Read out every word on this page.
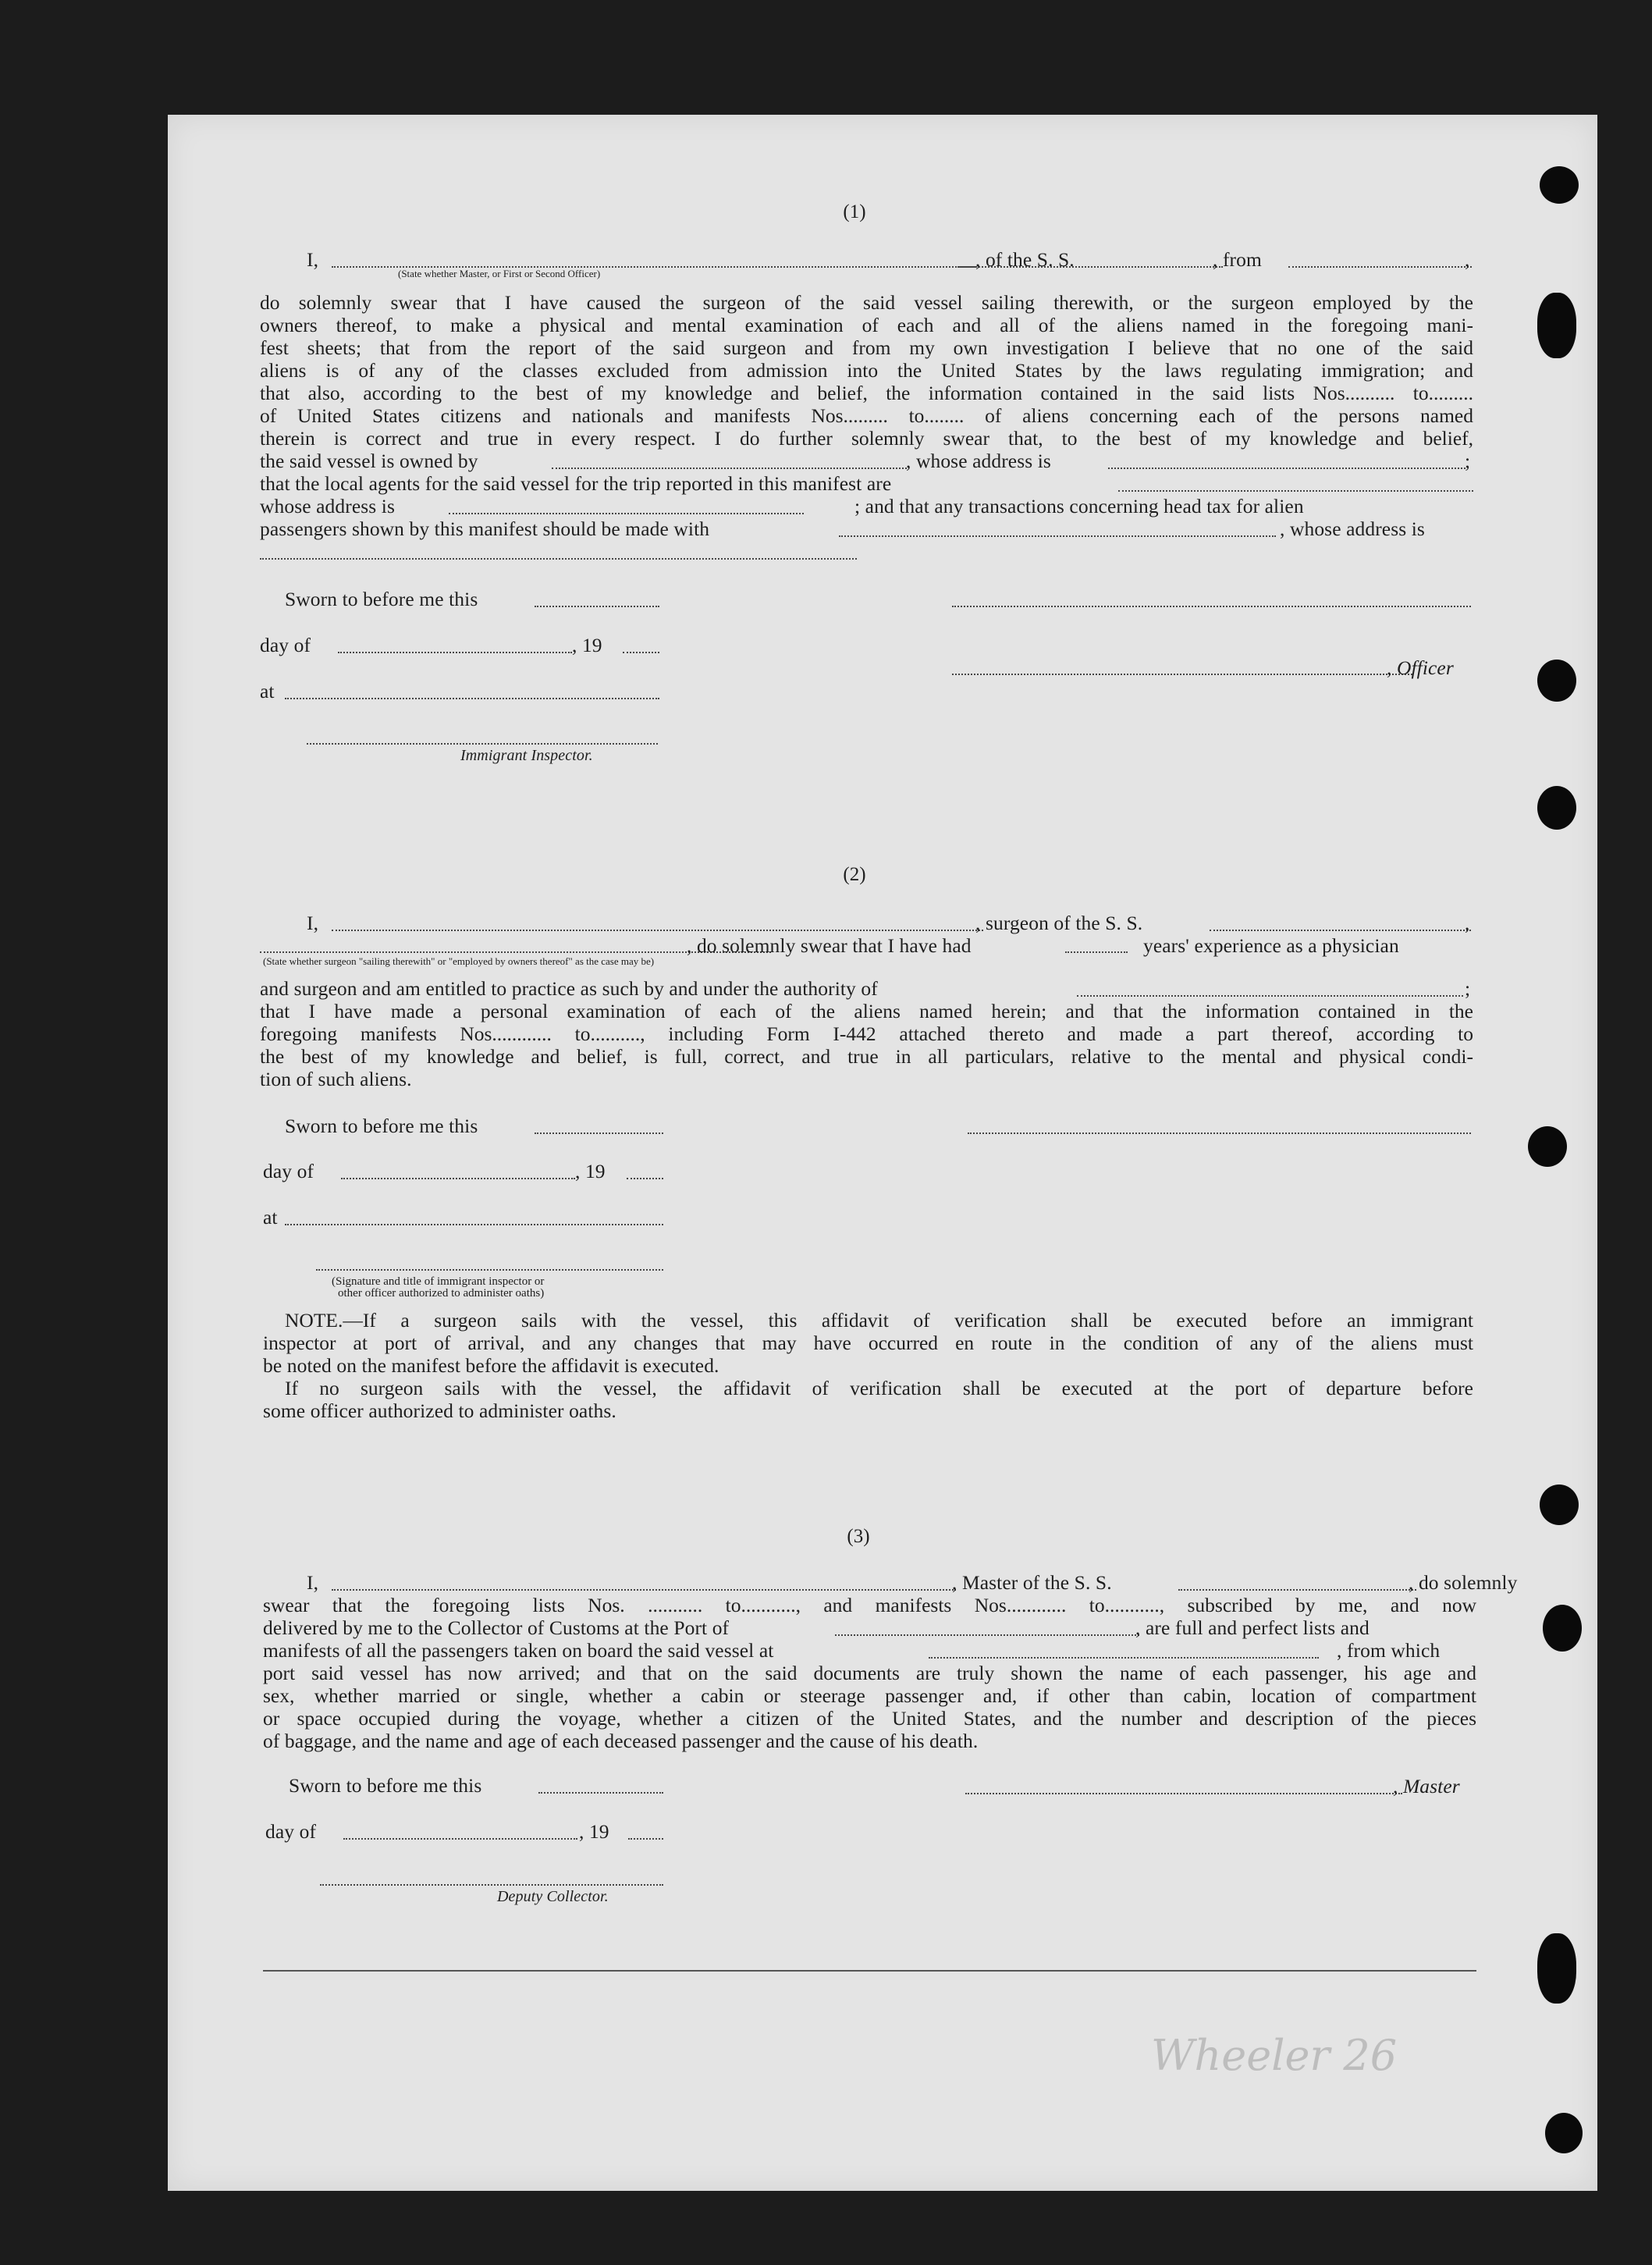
(1)
I,	, of the S. S.	, from	,
(State whether Master, or First or Second Officer)
do solemnly swear that I have caused the surgeon of the said vessel sailing therewith, or the surgeon employed by the
owners thereof, to make a physical and mental examination of each and all of the aliens named in the foregoing mani-
fest sheets; that from the report of the said surgeon and from my own investigation I believe that no one of the said
aliens is of any of the classes excluded from admission into the United States by the laws regulating immigration; and
that also, according to the best of my knowledge and belief, the information contained in the said lists Nos.......... to.........
of United States citizens and nationals and manifests Nos......... to........ of aliens concerning each of the persons named
therein is correct and true in every respect. I do further solemnly swear that, to the best of my knowledge and belief,
the said vessel is owned by	, whose address is	;
that the local agents for the said vessel for the trip reported in this manifest are
whose address is	; and that any transactions concerning head tax for alien
passengers shown by this manifest should be made with	, whose address is
Sworn to before me this
day of	, 19
, Officer
at
Immigrant Inspector.
(2)
I,	, surgeon of the S. S.	,
, do solemnly swear that I have had	years' experience as a physician
(State whether surgeon "sailing therewith" or "employed by owners thereof" as the case may be)
and surgeon and am entitled to practice as such by and under the authority of	;
that I have made a personal examination of each of the aliens named herein; and that the information contained in the
foregoing manifests Nos............ to.........., including Form I-442 attached thereto and made a part thereof, according to
the best of my knowledge and belief, is full, correct, and true in all particulars, relative to the mental and physical condi-
tion of such aliens.
Sworn to before me this
day of	, 19
at
(Signature and title of immigrant inspector or
other officer authorized to administer oaths)
NOTE.—If a surgeon sails with the vessel, this affidavit of verification shall be executed before an immigrant
inspector at port of arrival, and any changes that may have occurred en route in the condition of any of the aliens must
be noted on the manifest before the affidavit is executed.
If no surgeon sails with the vessel, the affidavit of verification shall be executed at the port of departure before
some officer authorized to administer oaths.
(3)
I,	, Master of the S. S.	, do solemnly
swear that the foregoing lists Nos. ........... to..........., and manifests Nos............ to..........., subscribed by me, and now
delivered by me to the Collector of Customs at the Port of	, are full and perfect lists and
manifests of all the passengers taken on board the said vessel at	, from which
port said vessel has now arrived; and that on the said documents are truly shown the name of each passenger, his age and
sex, whether married or single, whether a cabin or steerage passenger and, if other than cabin, location of compartment
or space occupied during the voyage, whether a citizen of the United States, and the number and description of the pieces
of baggage, and the name and age of each deceased passenger and the cause of his death.
Sworn to before me this	, Master
day of	, 19
Deputy Collector.
Wheeler 26
